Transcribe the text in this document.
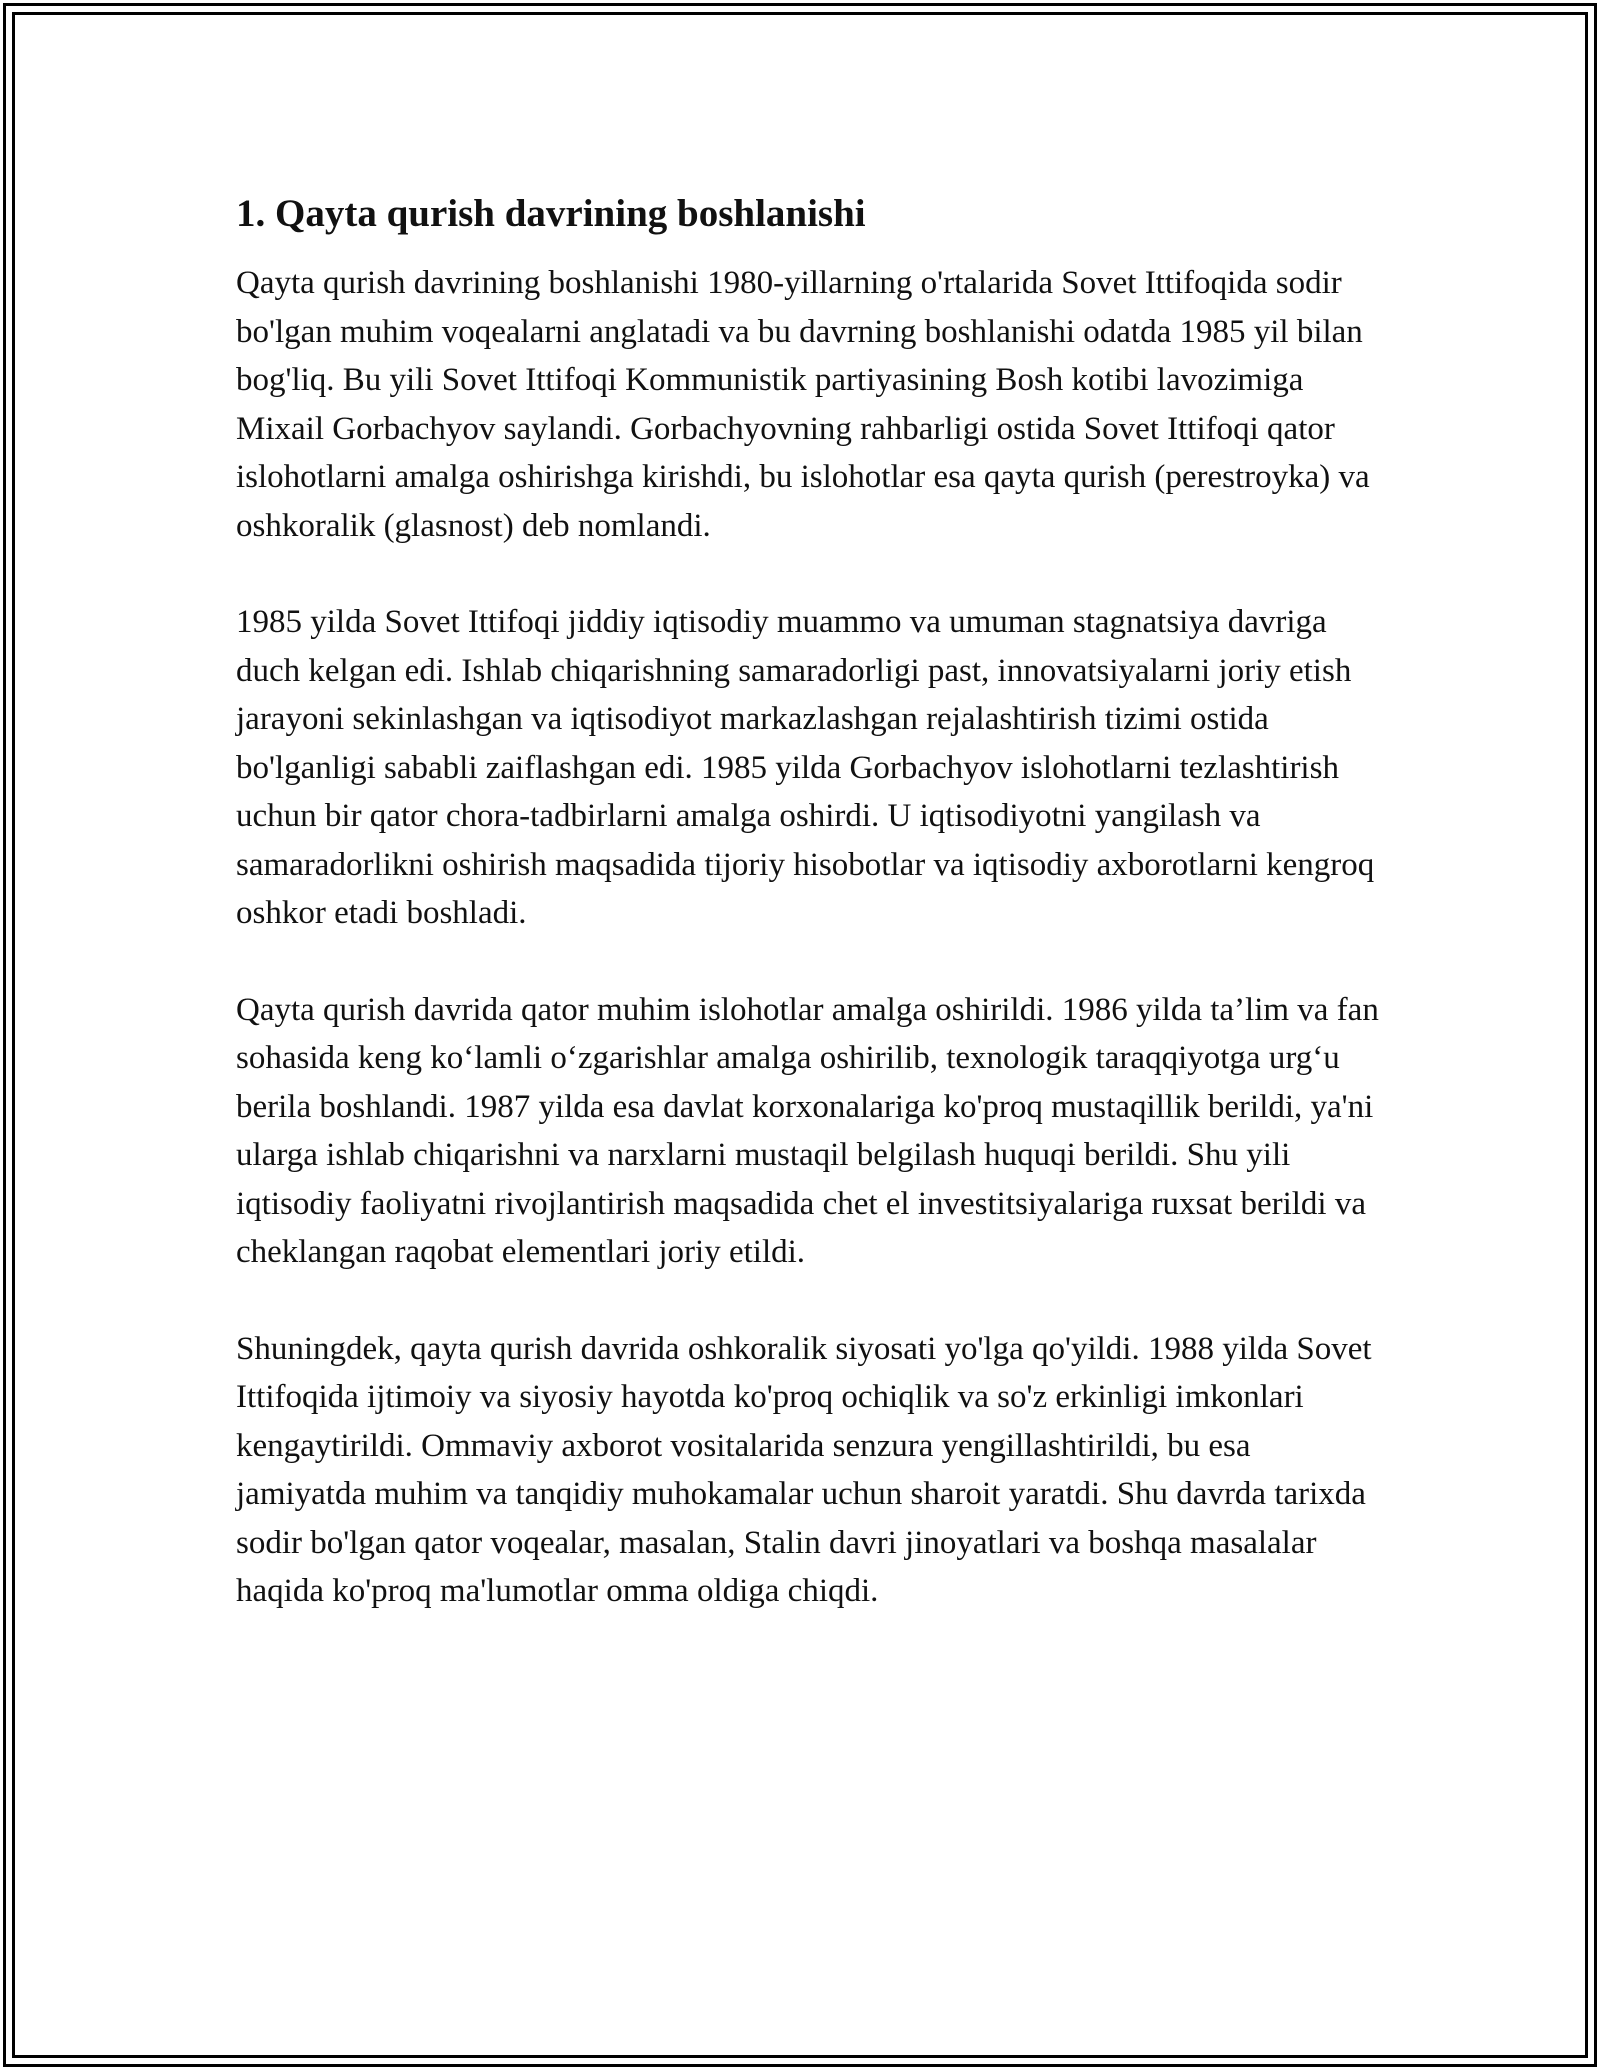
1. Qayta qurish davrining boshlanishi

Qayta qurish davrining boshlanishi 1980-yillarning o'rtalarida Sovet Ittifoqida sodir bo'lgan muhim voqealarni anglatadi va bu davrning boshlanishi odatda 1985 yil bilan bog'liq. Bu yili Sovet Ittifoqi Kommunistik partiyasining Bosh kotibi lavozimiga Mixail Gorbachyov saylandi. Gorbachyovning rahbarligi ostida Sovet Ittifoqi qator islohotlarni amalga oshirishga kirishdi, bu islohotlar esa qayta qurish (perestroyka) va oshkoralik (glasnost) deb nomlandi.

1985 yilda Sovet Ittifoqi jiddiy iqtisodiy muammo va umuman stagnatsiya davriga duch kelgan edi. Ishlab chiqarishning samaradorligi past, innovatsiyalarni joriy etish jarayoni sekinlashgan va iqtisodiyot markazlashgan rejalashtirish tizimi ostida bo'lganligi sababli zaiflashgan edi. 1985 yilda Gorbachyov islohotlarni tezlashtirish uchun bir qator chora-tadbirlarni amalga oshirdi. U iqtisodiyotni yangilash va samaradorlikni oshirish maqsadida tijoriy hisobotlar va iqtisodiy axborotlarni kengroq oshkor etadi boshladi.

Qayta qurish davrida qator muhim islohotlar amalga oshirildi. 1986 yilda ta’lim va fan sohasida keng ko‘lamli o‘zgarishlar amalga oshirilib, texnologik taraqqiyotga urg‘u berila boshlandi. 1987 yilda esa davlat korxonalariga ko'proq mustaqillik berildi, ya'ni ularga ishlab chiqarishni va narxlarni mustaqil belgilash huquqi berildi. Shu yili iqtisodiy faoliyatni rivojlantirish maqsadida chet el investitsiyalariga ruxsat berildi va cheklangan raqobat elementlari joriy etildi.

Shuningdek, qayta qurish davrida oshkoralik siyosati yo'lga qo'yildi. 1988 yilda Sovet Ittifoqida ijtimoiy va siyosiy hayotda ko'proq ochiqlik va so'z erkinligi imkonlari kengaytirildi. Ommaviy axborot vositalarida senzura yengillashtirildi, bu esa jamiyatda muhim va tanqidiy muhokamalar uchun sharoit yaratdi. Shu davrda tarixda sodir bo'lgan qator voqealar, masalan, Stalin davri jinoyatlari va boshqa masalalar haqida ko'proq ma'lumotlar omma oldiga chiqdi.
